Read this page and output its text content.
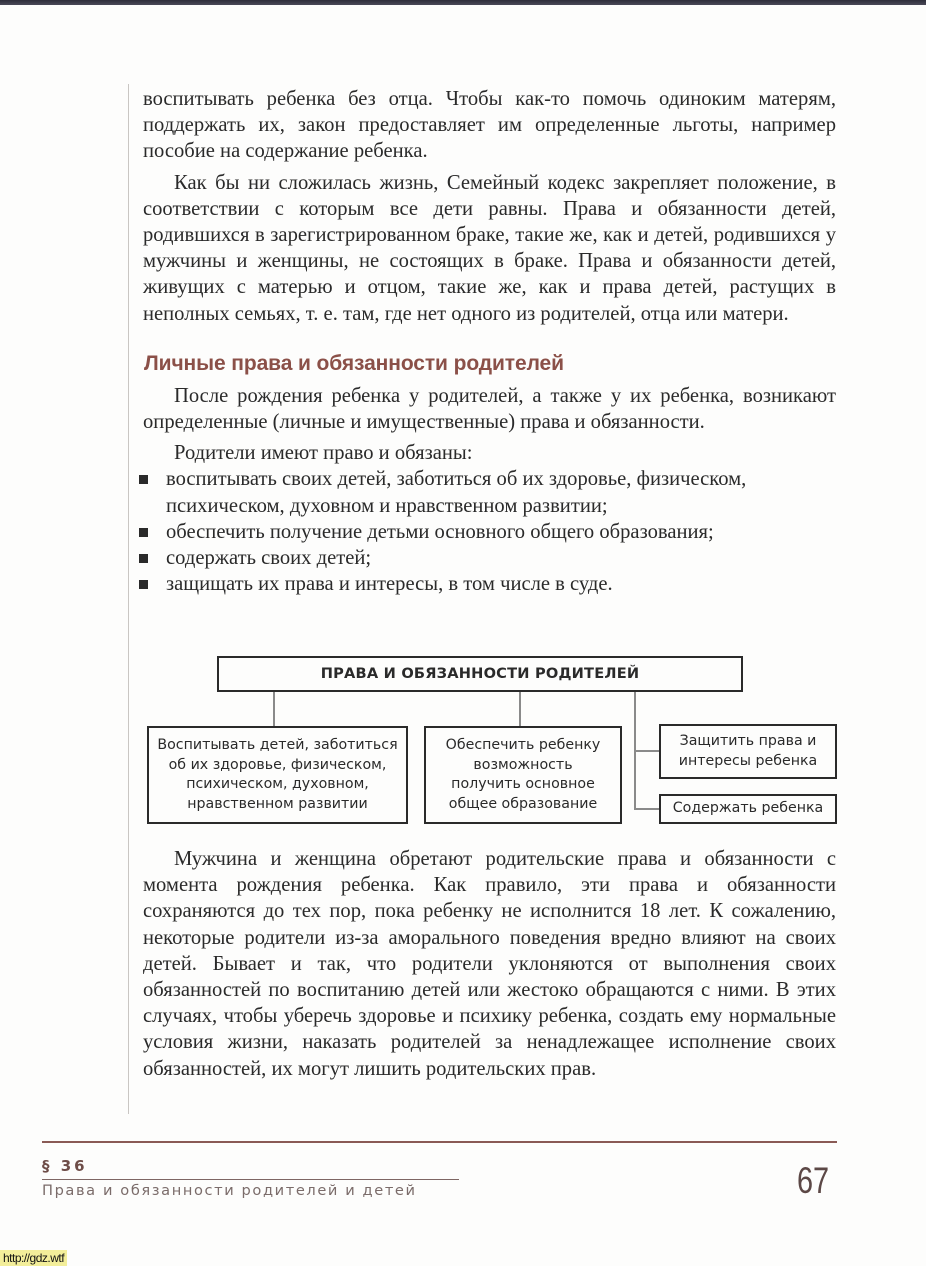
воспитывать ребенка без отца. Чтобы как-то помочь одиноким матерям, поддержать их, закон предоставляет им определенные льготы, например пособие на содержание ребенка.

Как бы ни сложилась жизнь, Семейный кодекс закрепляет положение, в соответствии с которым все дети равны. Права и обязанности детей, родившихся в зарегистрированном браке, такие же, как и детей, родившихся у мужчины и женщины, не состоящих в браке. Права и обязанности детей, живущих с матерью и отцом, такие же, как и права детей, растущих в неполных семьях, т. е. там, где нет одного из родителей, отца или матери.

Личные права и обязанности родителей

После рождения ребенка у родителей, а также у их ребенка, возникают определенные (личные и имущественные) права и обязанности.

Родители имеют право и обязаны:

воспитывать своих детей, заботиться об их здоровье, физическом, психическом, духовном и нравственном развитии;
обеспечить получение детьми основного общего образования;
содержать своих детей;
защищать их права и интересы, в том числе в суде.
ПРАВА И ОБЯЗАННОСТИ РОДИТЕЛЕЙ
Воспитывать детей, заботиться об их здоровье, физическом, психическом, духовном, нравственном развитии
Обеспечить ребенку возможность получить основное общее образование
Защитить права и интересы ребенка
Содержать ребенка

Мужчина и женщина обретают родительские права и обязанности с момента рождения ребенка. Как правило, эти права и обязанности сохраняются до тех пор, пока ребенку не исполнится 18 лет. К сожалению, некоторые родители из-за аморального поведения вредно влияют на своих детей. Бывает и так, что родители уклоняются от выполнения своих обязанностей по воспитанию детей или жестоко обращаются с ними. В этих случаях, чтобы уберечь здоровье и психику ребенка, создать ему нормальные условия жизни, наказать родителей за ненадлежащее исполнение своих обязанностей, их могут лишить родительских прав.

§ 36
Права и обязанности родителей и детей	67
http://gdz.wtf
